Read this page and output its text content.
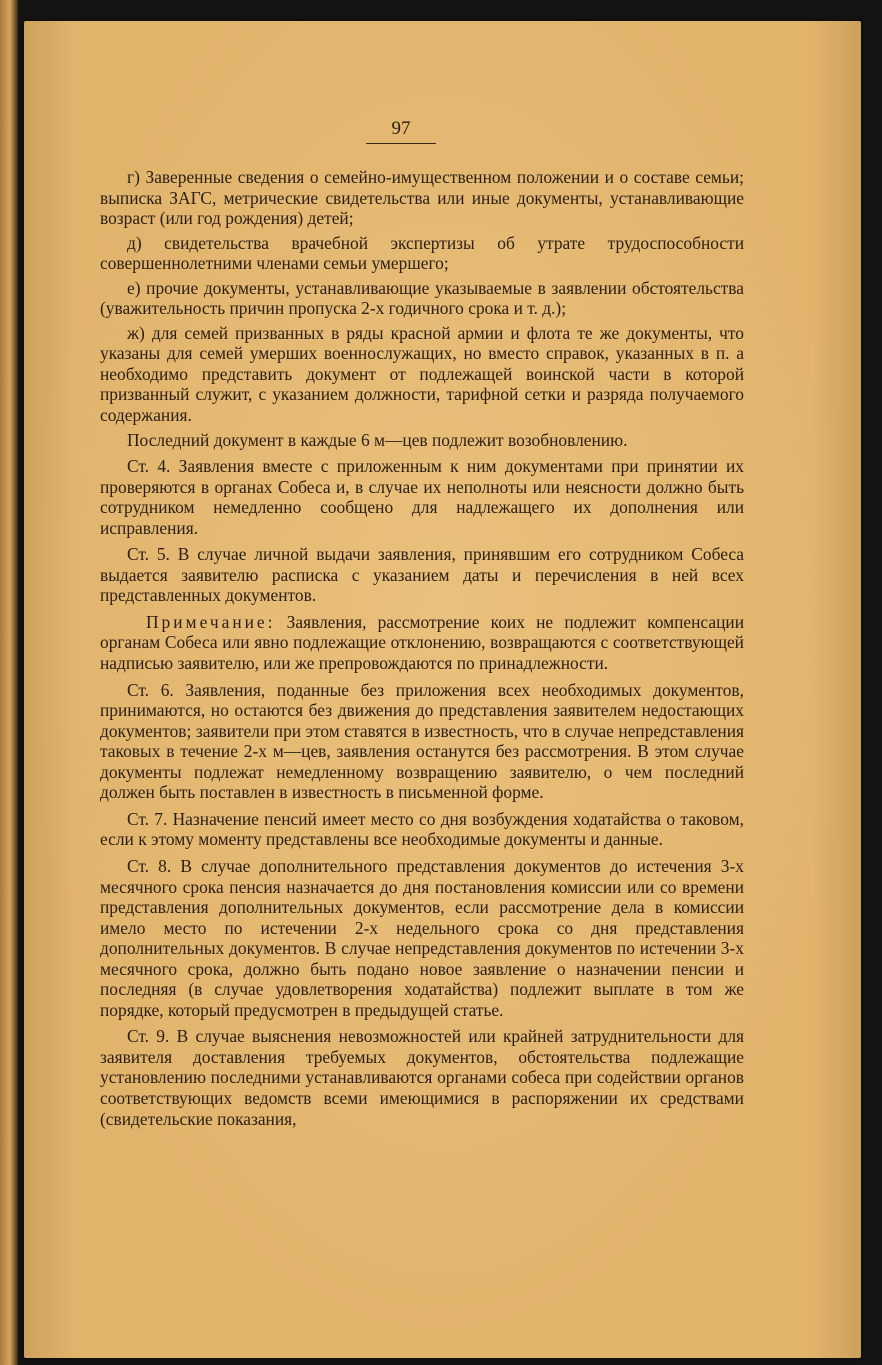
97

г) Заверенные сведения о семейно-имущественном положении и о составе семьи; выписка ЗАГС, метрические свидетельства или иные документы, устанавливающие возраст (или год рождения) детей;

д) свидетельства врачебной экспертизы об утрате трудоспособности совершеннолетними членами семьи умершего;

е) прочие документы, устанавливающие указываемые в заявлении обстоятельства (уважительность причин пропуска 2-х годичного срока и т. д.);

ж) для семей призванных в ряды красной армии и флота те же документы, что указаны для семей умерших военнослужащих, но вместо справок, указанных в п. а необходимо представить документ от подлежащей воинской части в которой призванный служит, с указанием должности, тарифной сетки и разряда получаемого содержания.

Последний документ в каждые 6 м—цев подлежит возобновлению.

Ст. 4. Заявления вместе с приложенным к ним документами при принятии их проверяются в органах Собеса и, в случае их неполноты или неясности должно быть сотрудником немедленно сообщено для надлежащего их дополнения или исправления.

Ст. 5. В случае личной выдачи заявления, принявшим его сотрудником Собеса выдается заявителю расписка с указанием даты и перечисления в ней всех представленных документов.

Примечание: Заявления, рассмотрение коих не подлежит компенсации органам Собеса или явно подлежащие отклонению, возвращаются с соответствующей надписью заявителю, или же препровождаются по принадлежности.

Ст. 6. Заявления, поданные без приложения всех необходимых документов, принимаются, но остаются без движения до представления заявителем недостающих документов; заявители при этом ставятся в известность, что в случае непредставления таковых в течение 2-х м—цев, заявления останутся без рассмотрения. В этом случае документы подлежат немедленному возвращению заявителю, о чем последний должен быть поставлен в известность в письменной форме.

Ст. 7. Назначение пенсий имеет место со дня возбуждения ходатайства о таковом, если к этому моменту представлены все необходимые документы и данные.

Ст. 8. В случае дополнительного представления документов до истечения 3-х месячного срока пенсия назначается до дня постановления комиссии или со времени представления дополнительных документов, если рассмотрение дела в комиссии имело место по истечении 2-х недельного срока со дня представления дополнительных документов. В случае непредставления документов по истечении 3-х месячного срока, должно быть подано новое заявление о назначении пенсии и последняя (в случае удовлетворения ходатайства) подлежит выплате в том же порядке, который предусмотрен в предыдущей статье.

Ст. 9. В случае выяснения невозможностей или крайней затруднительности для заявителя доставления требуемых документов, обстоятельства подлежащие установлению последними устанавливаются органами собеса при содействии органов соответствующих ведомств всеми имеющимися в распоряжении их средствами (свидетельские показания,
